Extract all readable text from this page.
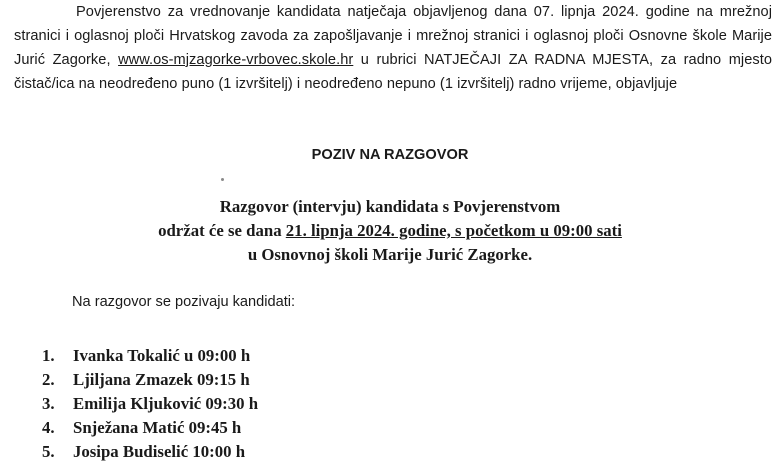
Povjerenstvo za vrednovanje kandidata natječaja objavljenog dana 07. lipnja 2024. godine na mrežnoj stranici i oglasnoj ploči Hrvatskog zavoda za zapošljavanje i mrežnoj stranici i oglasnoj ploči Osnovne škole Marije Jurić Zagorke, www.os-mjzagorke-vrbovec.skole.hr u rubrici NATJEČAJI ZA RADNA MJESTA, za radno mjesto čistač/ica na neodređeno puno (1 izvršitelj) i neodređeno nepuno (1 izvršitelj) radno vrijeme, objavljuje

POZIV NA RAZGOVOR
Razgovor (intervju) kandidata s Povjerenstvom
održat će se dana 21. lipnja 2024. godine, s početkom u 09:00 sati
u Osnovnoj školi Marije Jurić Zagorke.

Na razgovor se pozivaju kandidati:

1.	Ivanka Tokalić u 09:00 h
2.	Ljiljana Zmazek 09:15 h
3.	Emilija Kljuković 09:30 h
4.	Snježana Matić 09:45 h
5.	Josipa Budiselić 10:00 h
